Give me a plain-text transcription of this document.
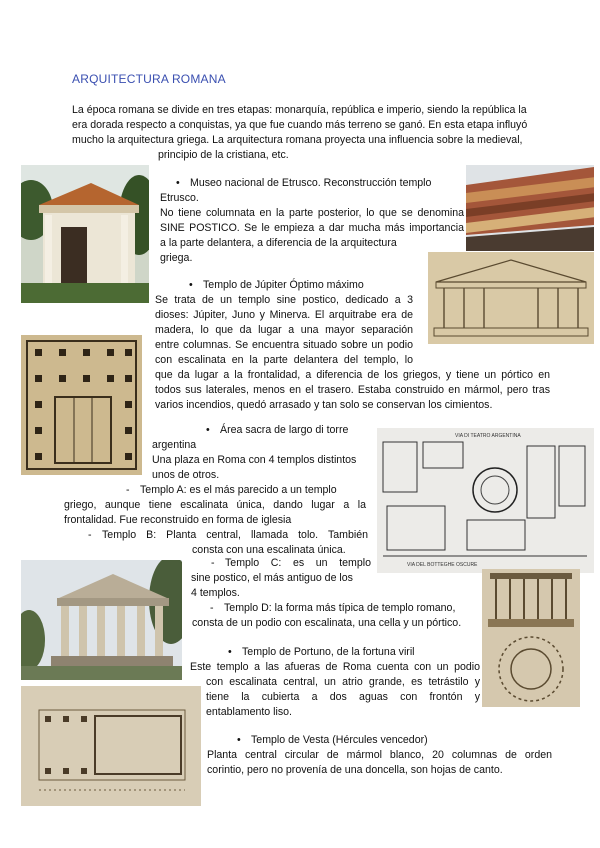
ARQUITECTURA ROMANA
La época romana se divide en tres etapas: monarquía, república e imperio, siendo la república la
era dorada respecto a conquistas, ya que fue cuando más terreno se ganó. En esta etapa influyó
mucho la arquitectura griega. La arquitectura romana proyecta una influencia sobre la medieval,
principio de la cristiana, etc.
• Museo nacional de Etrusco. Reconstrucción templo
Etrusco.
No tiene columnata en la parte posterior, lo que se denomina
SINE POSTICO. Se le empieza a dar mucha más importancia
a la parte delantera, a diferencia de la arquitectura
griega.
• Templo de Júpiter Óptimo máximo
Se trata de un templo sine postico, dedicado a 3
dioses: Júpiter, Juno y Minerva. El arquitrabe era de
madera, lo que da lugar a una mayor separación
entre columnas. Se encuentra situado sobre un podio
con escalinata en la parte delantera del templo, lo
que da lugar a la frontalidad, a diferencia de los griegos, y tiene un pórtico en
todos sus laterales, menos en el trasero. Estaba construido en mármol, pero tras
varios incendios, quedó arrasado y tan solo se conservan los cimientos.
VIA DI TEATRO ARGENTINA
VIA DEL BOTTEGHE OSCURE
• Área sacra de largo di torre
argentina
Una plaza en Roma con 4 templos distintos
unos de otros.
- Templo A: es el más parecido a un templo
griego, aunque tiene escalinata única, dando lugar a la
frontalidad. Fue reconstruido en forma de iglesia
- Templo B: Planta central, llamada tolo. También
consta con una escalinata única.
- Templo C: es un templo
sine postico, el más antiguo de los
4 templos.
- Templo D: la forma más típica de templo romano,
consta de un podio con escalinata, una cella y un pórtico.
• Templo de Portuno, de la fortuna viril
Este templo a las afueras de Roma cuenta con un podio
con escalinata central, un atrio grande, es tetrástilo y
tiene la cubierta a dos aguas con frontón y
entablamento liso.
• Templo de Vesta (Hércules vencedor)
Planta central circular de mármol blanco, 20 columnas de orden
corintio, pero no provenía de una doncella, son hojas de canto.
